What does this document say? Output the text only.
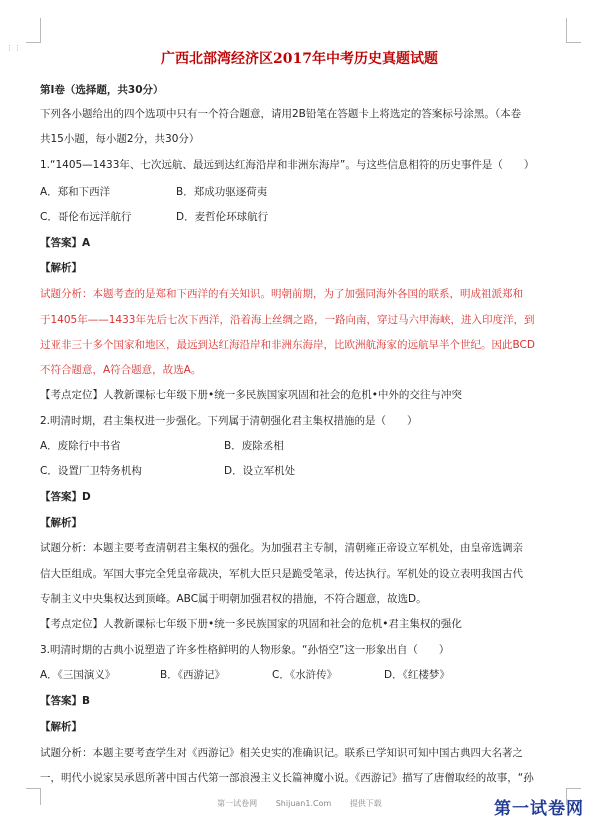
⋮⋮
广西北部湾经济区2017年中考历史真题试题
第Ⅰ卷（选择题，共30分）
下列各小题给出的四个选项中只有一个符合题意，请用2B铅笔在答题卡上将选定的答案标号涂黑。（本卷
共15小题，每小题2分，共30分）
1.“1405—1433年、七次远航、最远到达红海沿岸和非洲东海岸”。与这些信息相符的历史事件是（　　）
A．郑和下西洋	B．郑成功驱逐荷夷
C．哥伦布远洋航行	D．麦哲伦环球航行
【答案】A
【解析】
试题分析：本题考查的是郑和下西洋的有关知识。明朝前期，为了加强同海外各国的联系，明成祖派郑和
于1405年——1433年先后七次下西洋，沿着海上丝绸之路，一路向南，穿过马六甲海峡，进入印度洋，到
过亚非三十多个国家和地区，最远到达红海沿岸和非洲东海岸，比欧洲航海家的远航早半个世纪。因此BCD
不符合题意，A符合题意，故选A。
【考点定位】人教新课标七年级下册•统一多民族国家巩固和社会的危机•中外的交往与冲突
2.明清时期，君主集权进一步强化。下列属于清朝强化君主集权措施的是（　　）
A．废除行中书省	B．废除丞相
C．设置厂卫特务机构	D．设立军机处
【答案】D
【解析】
试题分析：本题主要考查清朝君主集权的强化。为加强君主专制，清朝雍正帝设立军机处，由皇帝选调亲
信大臣组成。军国大事完全凭皇帝裁决，军机大臣只是跪受笔录，传达执行。军机处的设立表明我国古代
专制主义中央集权达到顶峰。ABC属于明朝加强君权的措施，不符合题意，故选D。
【考点定位】人教新课标七年级下册•统一多民族国家的巩固和社会的危机•君主集权的强化
3.明清时期的古典小说塑造了许多性格鲜明的人物形象。“孙悟空”这一形象出自（　　）
A．《三国演义》	B．《西游记》	C．《水浒传》	D．《红楼梦》
【答案】B
【解析】
试题分析：本题主要考查学生对《西游记》相关史实的准确识记。联系已学知识可知中国古典四大名著之
一，明代小说家吴承恩所著中国古代第一部浪漫主义长篇神魔小说。《西游记》描写了唐僧取经的故事，“孙
第一试卷网 Shijuan1.Com 提供下载	第一试卷网
